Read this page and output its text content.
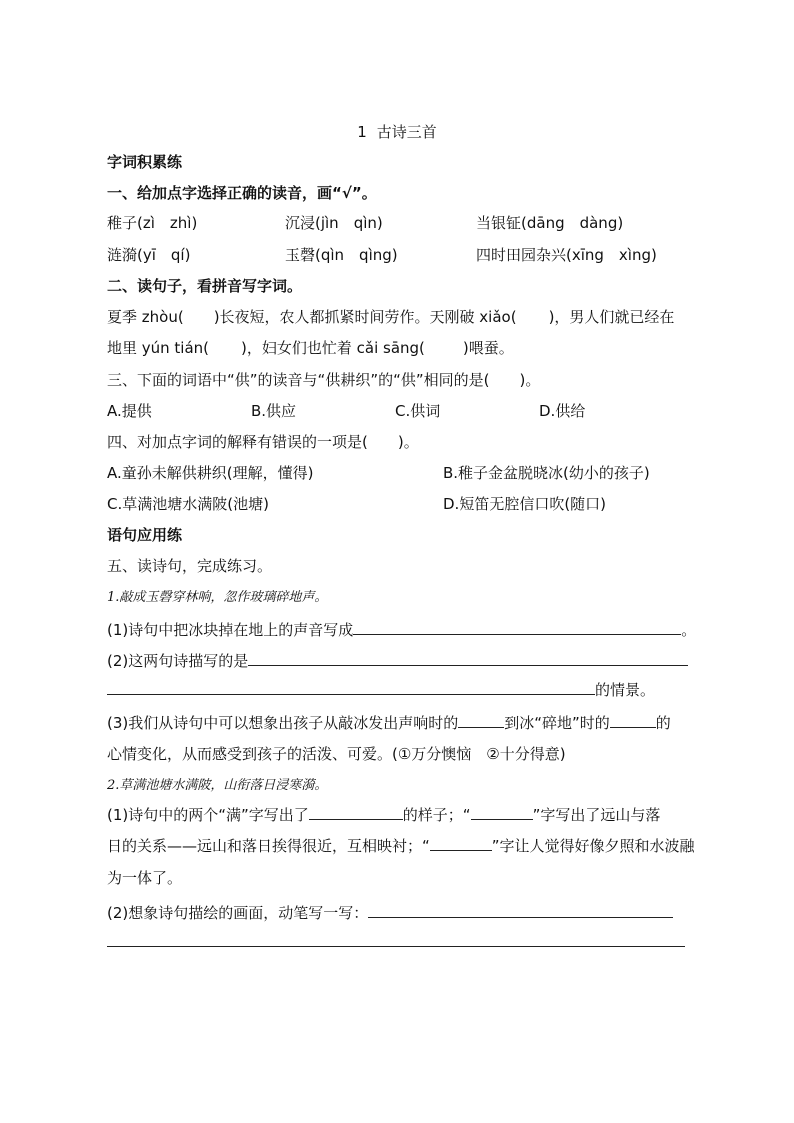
1 古诗三首
字词积累练
一、给加点字选择正确的读音，画“√”。
稚子(zì　zhì)	沉浸(jìn　qìn)	当银钲(dāng　dàng)
涟漪(yī　qí)	玉磬(qìn　qìng)	四时田园杂兴(xīng　xìng)
二、读句子，看拼音写字词。
夏季 zhòu( )长夜短，农人都抓紧时间劳作。天刚破 xiǎo( )，男人们就已经在
地里 yún tián( )，妇女们也忙着 cǎi sāng(	)喂蚕。
三、下面的词语中“供”的读音与“供耕织”的“供”相同的是(　　)。
A.提供	B.供应	C.供词	D.供给
四、对加点字词的解释有错误的一项是(　　)。
A.童孙未解供耕织(理解，懂得)	B.稚子金盆脱晓冰(幼小的孩子)
C.草满池塘水满陂(池塘)	D.短笛无腔信口吹(随口)
语句应用练
五、读诗句，完成练习。
1.敲成玉磬穿林响，忽作玻璃碎地声。
(1)诗句中把冰块掉在地上的声音写成	。
(2)这两句诗描写的是
的情景。
(3)我们从诗句中可以想象出孩子从敲冰发出声响时的	到冰“碎地”时的	的
心情变化，从而感受到孩子的活泼、可爱。(①万分懊恼　②十分得意)
2.草满池塘水满陂，山衔落日浸寒漪。
(1)诗句中的两个“满”字写出了	的样子；“	”字写出了远山与落
日的关系——远山和落日挨得很近，互相映衬；“	”字让人觉得好像夕照和水波融
为一体了。
(2)想象诗句描绘的画面，动笔写一写：
